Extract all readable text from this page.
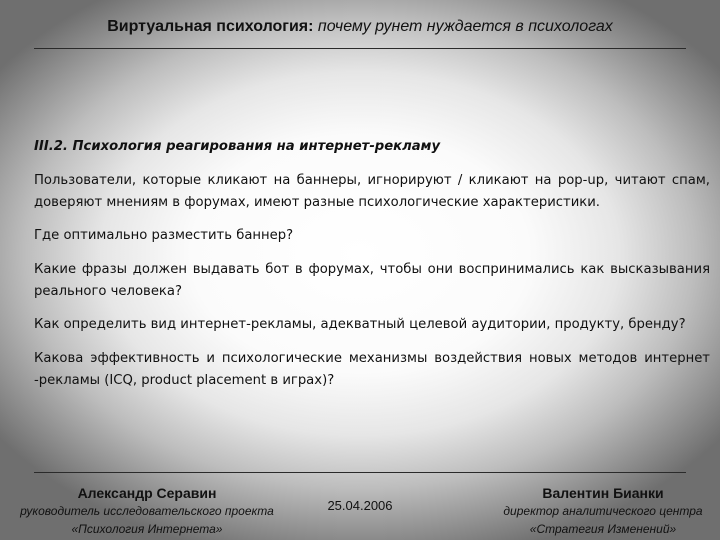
Виртуальная психология: почему рунет нуждается в психологах

III.2. Психология реагирования на интернет-рекламу

Пользователи, которые кликают на баннеры, игнорируют / кликают на pop-up, читают спам, доверяют мнениям в форумах, имеют разные психологические характеристики.

Где оптимально разместить баннер?

Какие фразы должен выдавать бот в форумах, чтобы они воспринимались как высказывания реального человека?

Как определить вид интернет-рекламы, адекватный целевой аудитории, продукту, бренду?

Какова эффективность и психологические механизмы воздействия новых методов интернет -рекламы (ICQ, product placement в играх)?

Александр Серавин
руководитель исследовательского проекта
«Психология Интернета»
25.04.2006
Валентин Бианки
директор аналитического центра
«Стратегия Изменений»
